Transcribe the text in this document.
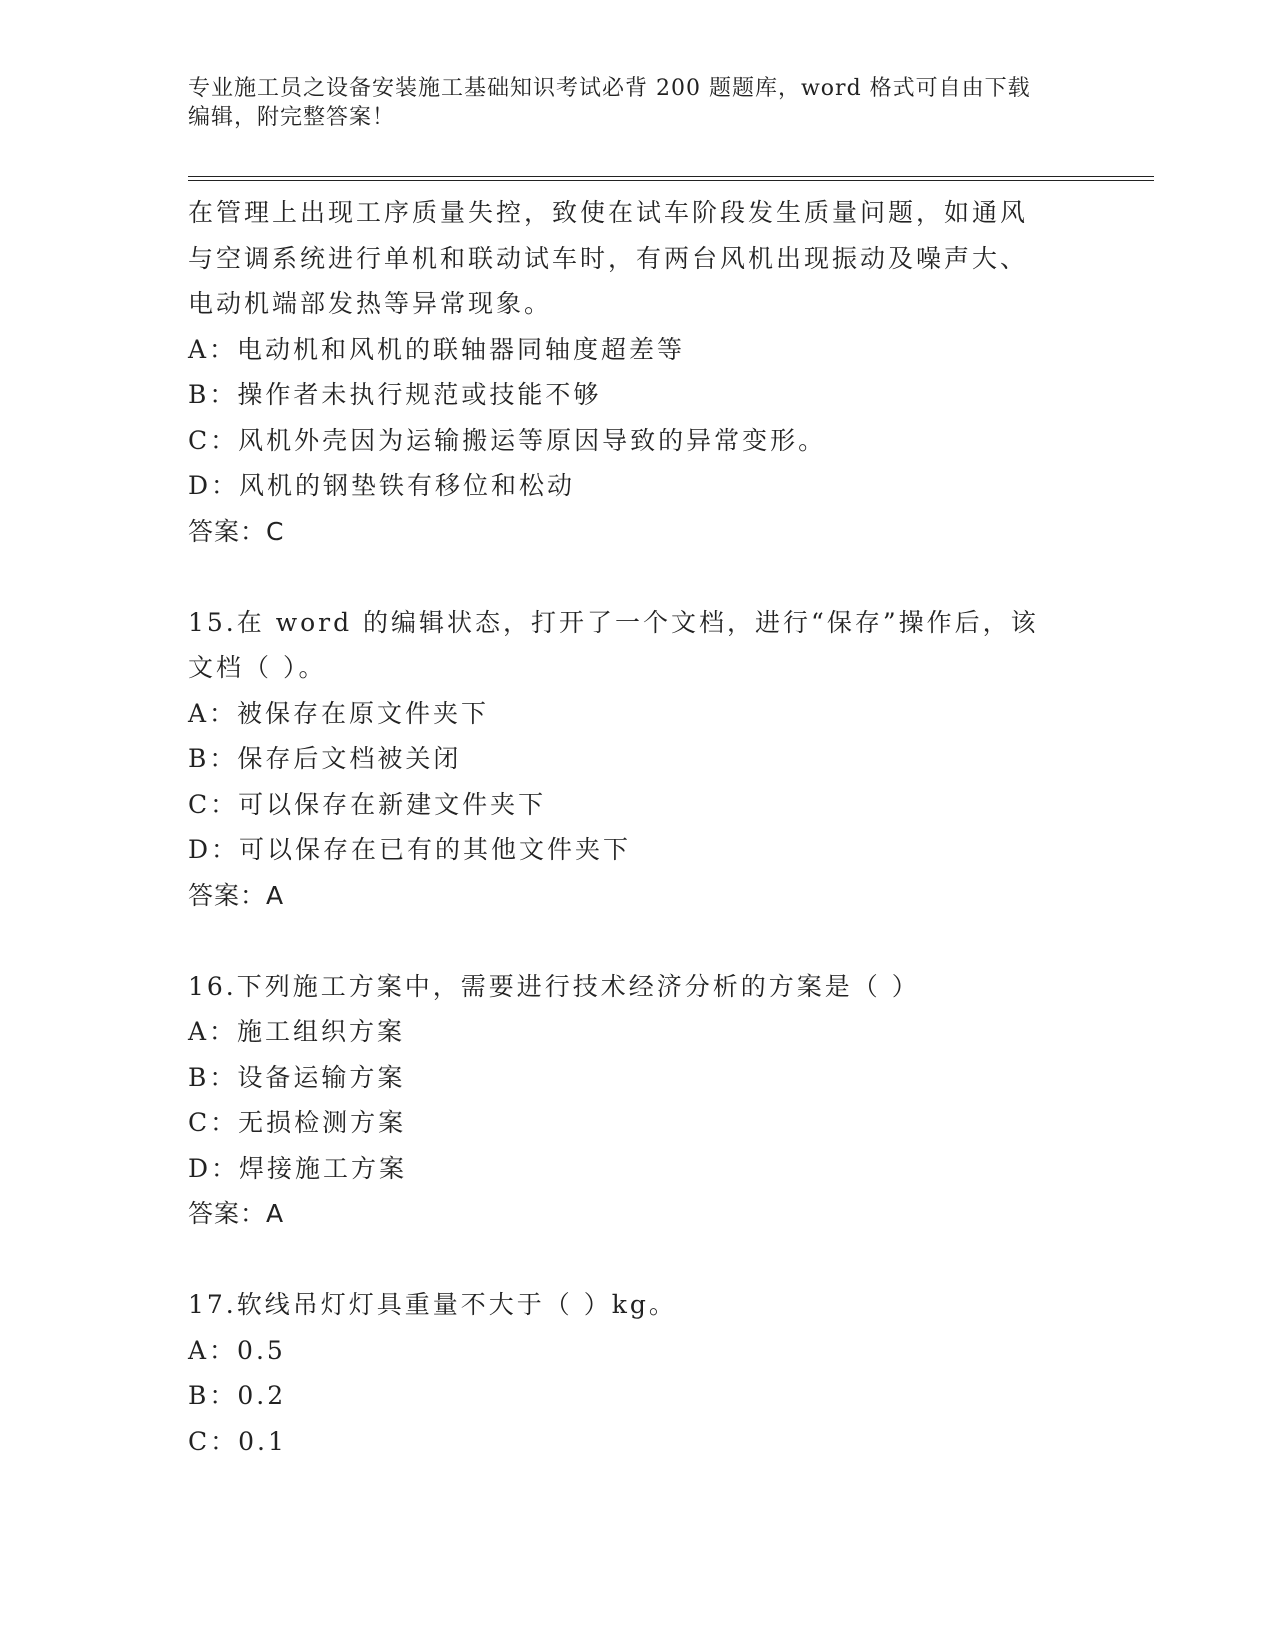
专业施工员之设备安装施工基础知识考试必背 200 题题库，word 格式可自由下载
编辑，附完整答案！
在管理上出现工序质量失控，致使在试车阶段发生质量问题，如通风
与空调系统进行单机和联动试车时，有两台风机出现振动及噪声大、
电动机端部发热等异常现象。
A：电动机和风机的联轴器同轴度超差等
B：操作者未执行规范或技能不够
C：风机外壳因为运输搬运等原因导致的异常变形。
D：风机的钢垫铁有移位和松动
答案：C
15.在 word 的编辑状态，打开了一个文档，进行“保存”操作后，该
文档（ ）。
A：被保存在原文件夹下
B：保存后文档被关闭
C：可以保存在新建文件夹下
D：可以保存在已有的其他文件夹下
答案：A
16.下列施工方案中，需要进行技术经济分析的方案是（ ）
A：施工组织方案
B：设备运输方案
C：无损检测方案
D：焊接施工方案
答案：A
17.软线吊灯灯具重量不大于（ ）kg。
A：0.5
B：0.2
C：0.1
